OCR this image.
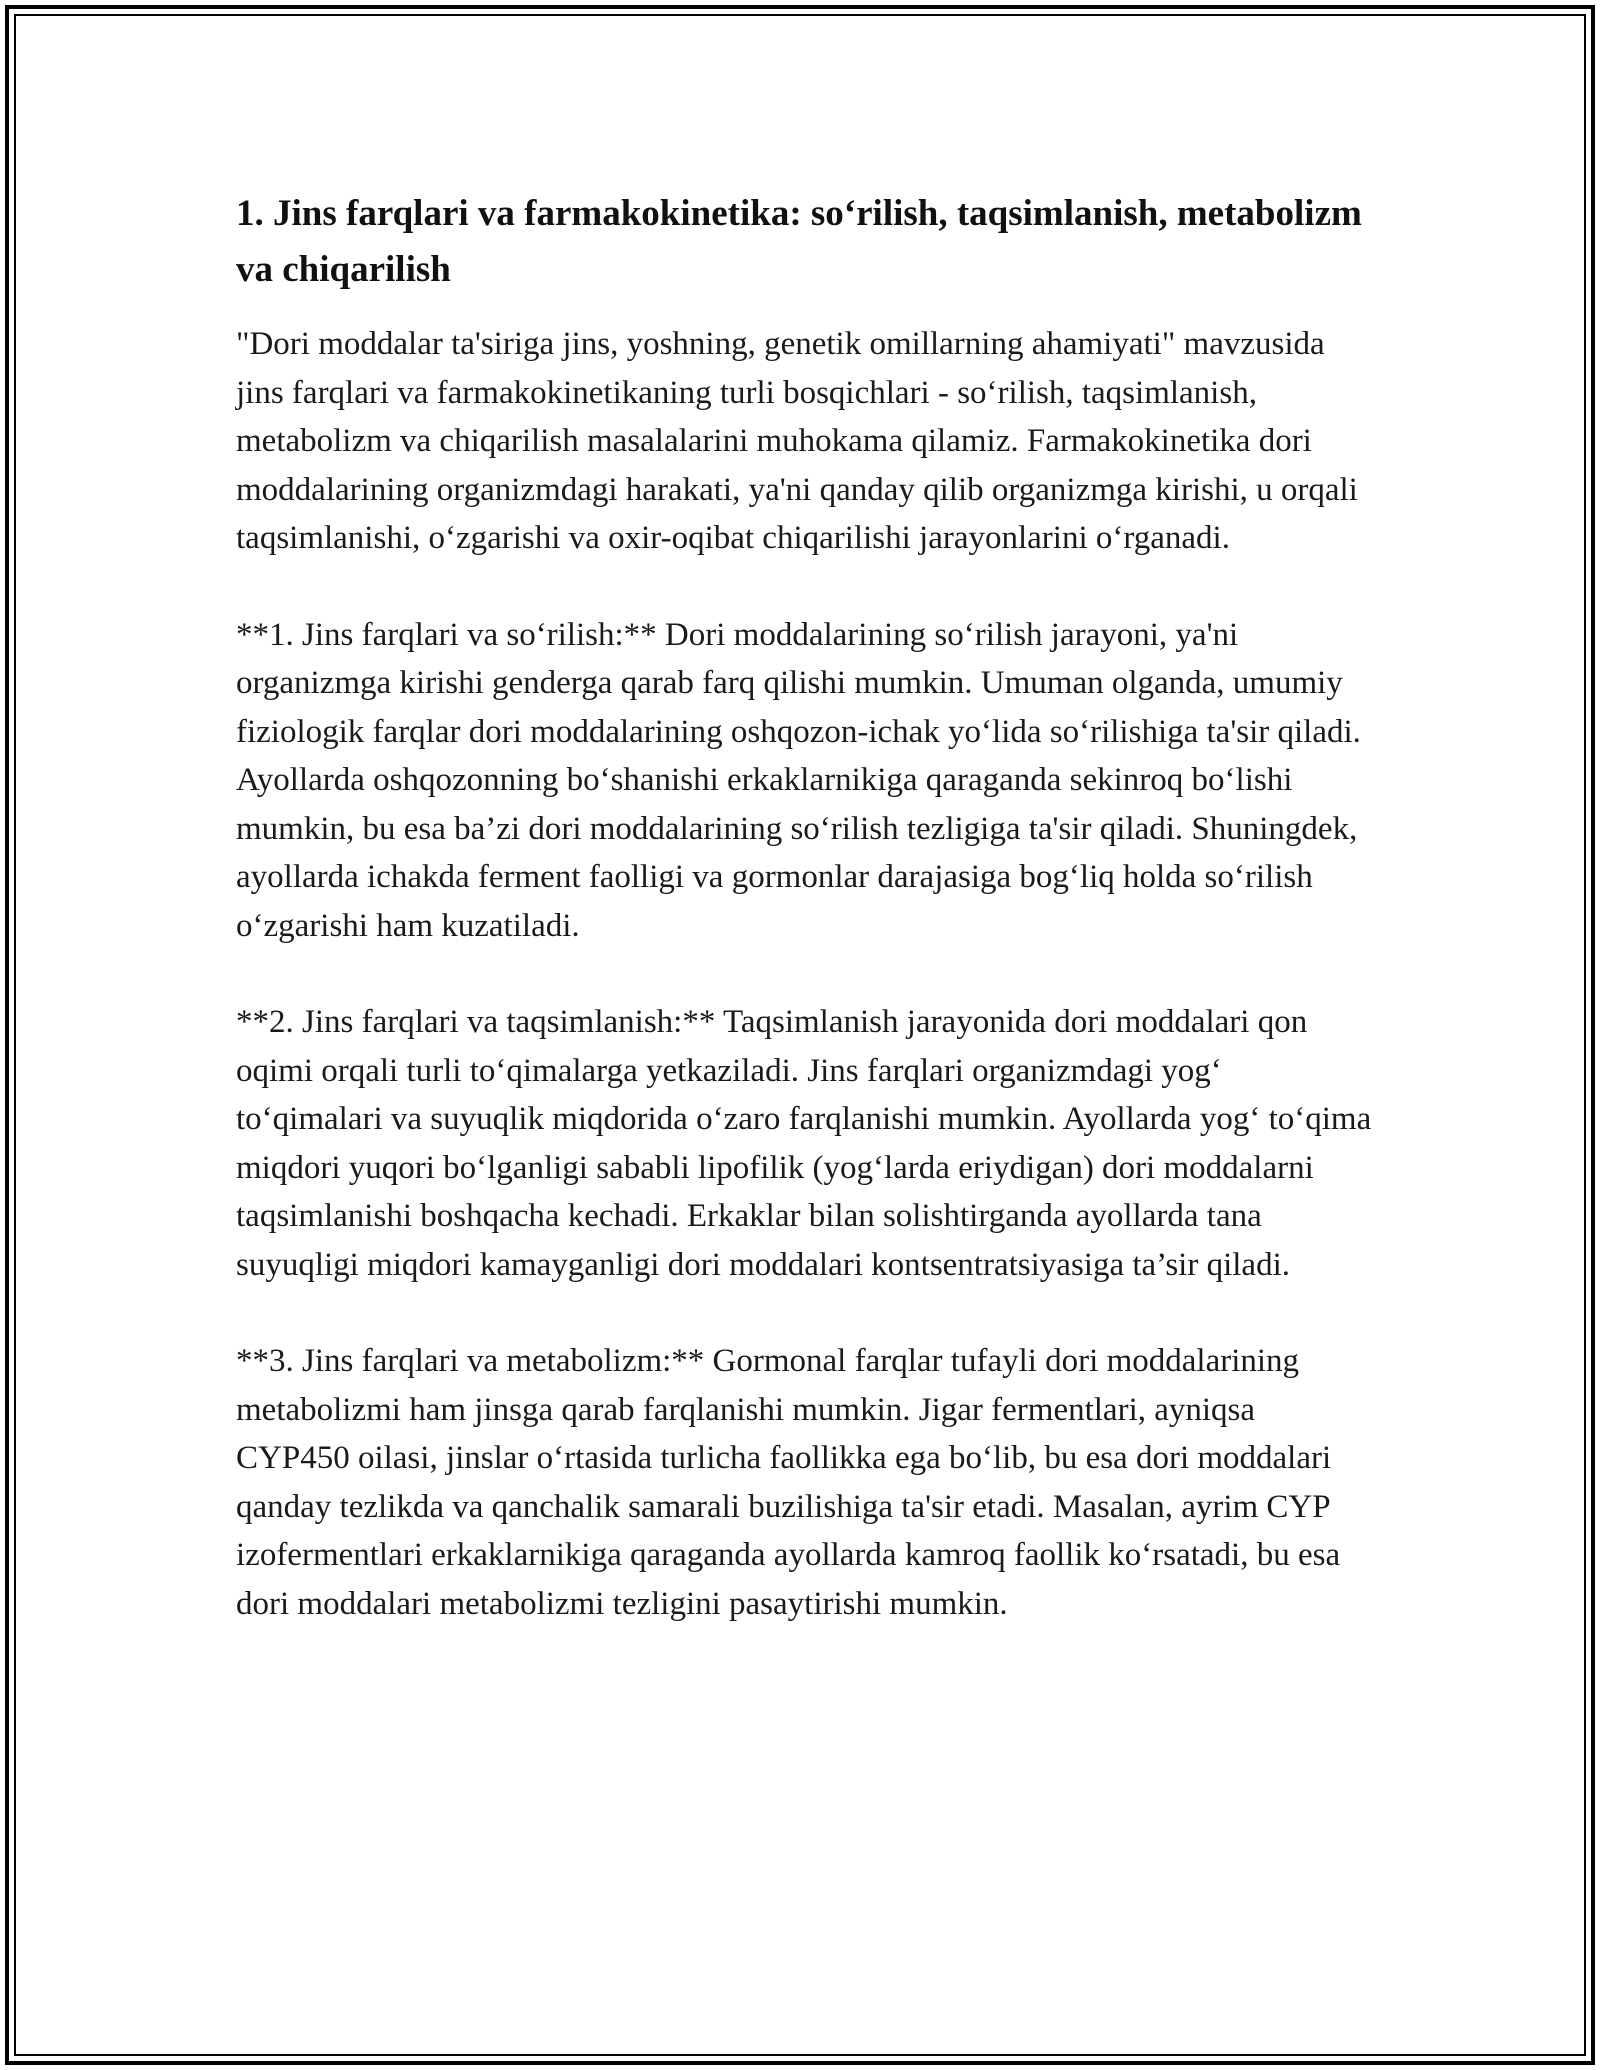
1. Jins farqlari va farmakokinetika: so‘rilish, taqsimlanish, metabolizm va chiqarilish

"Dori moddalar ta'siriga jins, yoshning, genetik omillarning ahamiyati" mavzusida jins farqlari va farmakokinetikaning turli bosqichlari - so‘rilish, taqsimlanish, metabolizm va chiqarilish masalalarini muhokama qilamiz. Farmakokinetika dori moddalarining organizmdagi harakati, ya'ni qanday qilib organizmga kirishi, u orqali taqsimlanishi, o‘zgarishi va oxir-oqibat chiqarilishi jarayonlarini o‘rganadi.

**1. Jins farqlari va so‘rilish:** Dori moddalarining so‘rilish jarayoni, ya'ni organizmga kirishi genderga qarab farq qilishi mumkin. Umuman olganda, umumiy fiziologik farqlar dori moddalarining oshqozon-ichak yo‘lida so‘rilishiga ta'sir qiladi. Ayollarda oshqozonning bo‘shanishi erkaklarnikiga qaraganda sekinroq bo‘lishi mumkin, bu esa ba’zi dori moddalarining so‘rilish tezligiga ta'sir qiladi. Shuningdek, ayollarda ichakda ferment faolligi va gormonlar darajasiga bog‘liq holda so‘rilish o‘zgarishi ham kuzatiladi.

**2. Jins farqlari va taqsimlanish:** Taqsimlanish jarayonida dori moddalari qon oqimi orqali turli to‘qimalarga yetkaziladi. Jins farqlari organizmdagi yog‘ to‘qimalari va suyuqlik miqdorida o‘zaro farqlanishi mumkin. Ayollarda yog‘ to‘qima miqdori yuqori bo‘lganligi sababli lipofilik (yog‘larda eriydigan) dori moddalarni taqsimlanishi boshqacha kechadi. Erkaklar bilan solishtirganda ayollarda tana suyuqligi miqdori kamayganligi dori moddalari kontsentratsiyasiga ta’sir qiladi.

**3. Jins farqlari va metabolizm:** Gormonal farqlar tufayli dori moddalarining metabolizmi ham jinsga qarab farqlanishi mumkin. Jigar fermentlari, ayniqsa CYP450 oilasi, jinslar o‘rtasida turlicha faollikka ega bo‘lib, bu esa dori moddalari qanday tezlikda va qanchalik samarali buzilishiga ta'sir etadi. Masalan, ayrim CYP izofermentlari erkaklarnikiga qaraganda ayollarda kamroq faollik ko‘rsatadi, bu esa dori moddalari metabolizmi tezligini pasaytirishi mumkin.
